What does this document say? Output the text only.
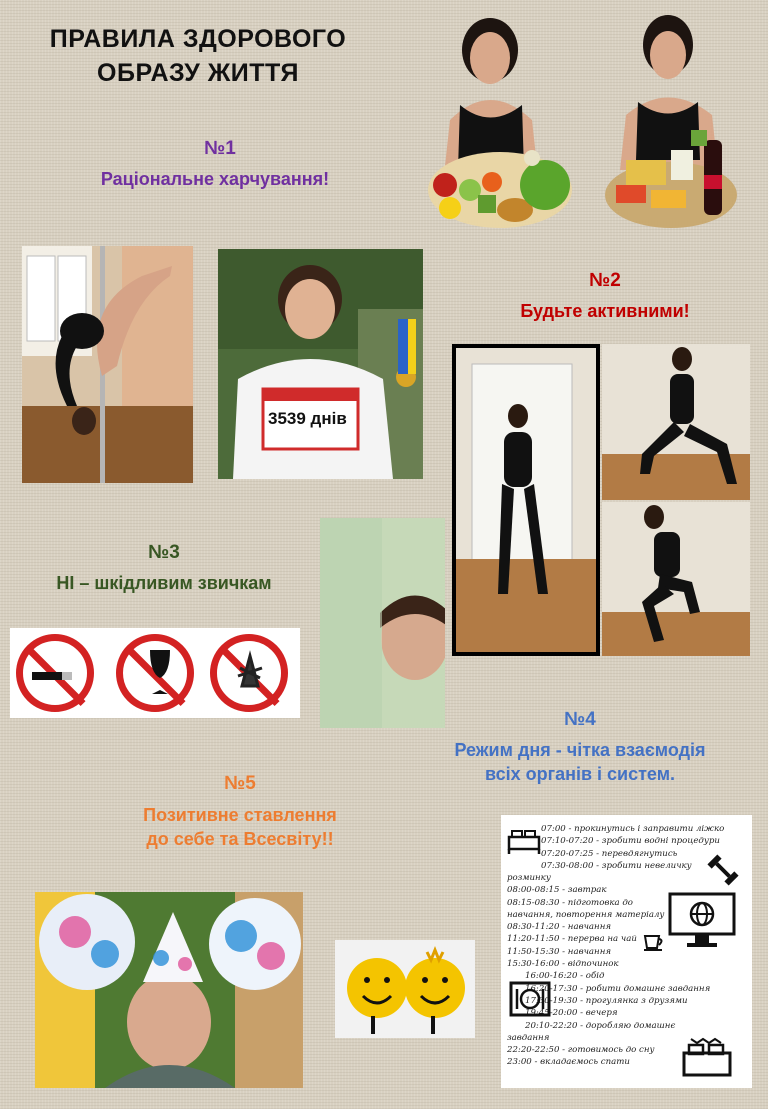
ПРАВИЛА ЗДОРОВОГО
ОБРАЗУ ЖИТТЯ
№1
Раціональне харчування!
3539 днів
№2
Будьте активними!
№3
НІ – шкідливим звичкам
№4
Режим дня - чітка взаємодія
всіх органів і систем.
№5
Позитивне ставлення
до себе та Всесвіту!!	07:00 - прокинутись і заправити ліжко
07:10-07:20 - зробити водні процедури
07:20-07:25 - перевдягнутись
07:30-08:00 - зробити невеличку
розминку
08:00-08:15 - завтрак
08:15-08:30 - підготовка до
навчання, повторення матеріалу
08:30-11:20 - навчання
11:20-11:50 - перерва на чай
11:50-15:30 - навчання
15:30-16:00 - відпочинок
16:00-16:20 - обід
16:20-17:30 - робити домашнє завдання
17:30-19:30 - прогулянка з друзями
19:45-20:00 - вечеря
20:10-22:20 - доробляю домашнє
завдання
22:20-22:50 - готовимось до сну
23:00 - вкладаємось спати
